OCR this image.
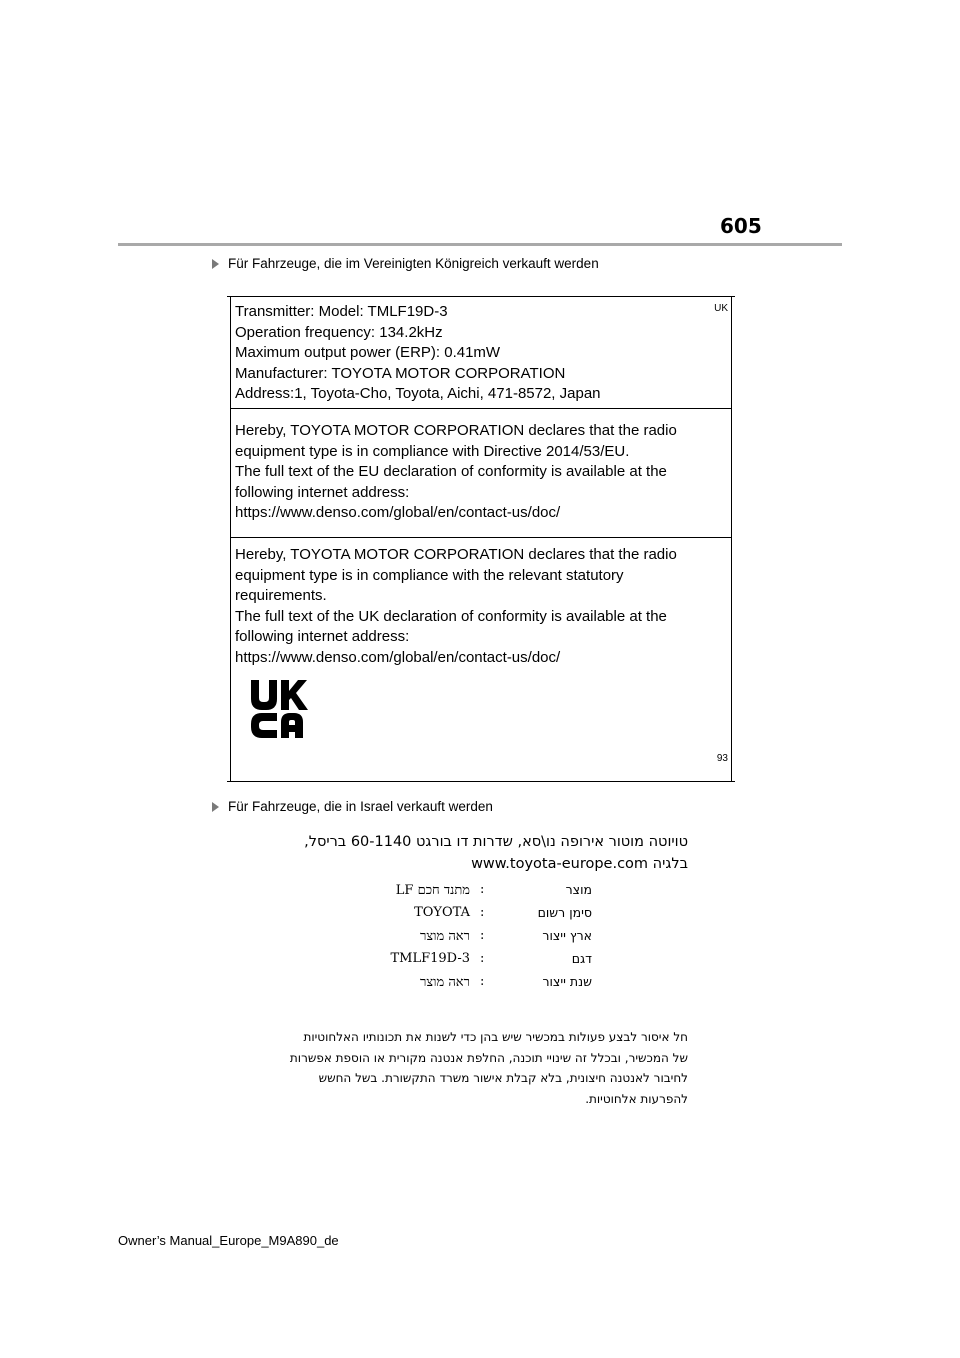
605
Für Fahrzeuge, die im Vereinigten Königreich verkauft werden
UK
Transmitter: Model: TMLF19D-3
Operation frequency: 134.2kHz
Maximum output power (ERP): 0.41mW
Manufacturer: TOYOTA MOTOR CORPORATION
Address:1, Toyota-Cho, Toyota, Aichi, 471-8572, Japan
Hereby, TOYOTA MOTOR CORPORATION declares that the radio
equipment type is in compliance with Directive 2014/53/EU.
The full text of the EU declaration of conformity is available at the
following internet address:
https://www.denso.com/global/en/contact-us/doc/
Hereby, TOYOTA MOTOR CORPORATION declares that the radio
equipment type is in compliance with the relevant statutory
requirements.
The full text of the UK declaration of conformity is available at the
following internet address:
https://www.denso.com/global/en/contact-us/doc/
93
Für Fahrzeuge, die in Israel verkauft werden
טויוטה מוטור אירופה נו\סא, שדרות דו בורגט 60-1140 בריסל,
בלגיה www.toyota-europe.com
מוצר
:
מתנד חכם LF
סימן רשום
:
TOYOTA
ארץ ייצור
:
ראה מוצר
דגם
:
TMLF19D-3
שנת ייצור
:
ראה מוצר
חל איסור לבצע פעולות במכשיר שיש בהן כדי לשנות את תכונותיו האלחוטיות
של המכשיר, ובכלל זה שינויי תוכנה, החלפת אנטנה מקורית או הוספת אפשרות
לחיבור לאנטנה חיצונית, בלא קבלת אישור משרד התקשורת. בשל החשש
להפרעות אלחוטיות.
Owner’s Manual_Europe_M9A890_de
